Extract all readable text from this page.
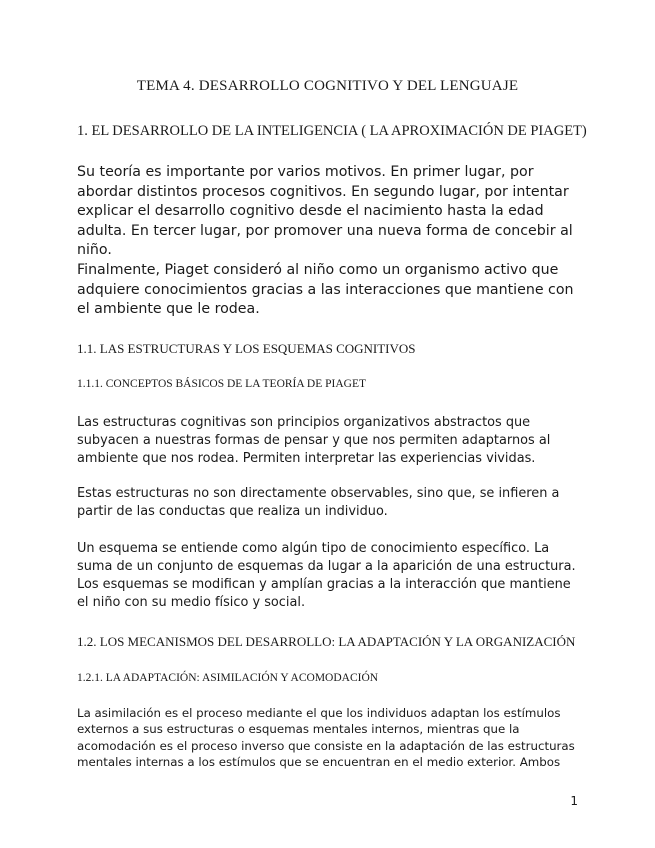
TEMA 4. DESARROLLO COGNITIVO Y DEL LENGUAJE
1. EL DESARROLLO DE LA INTELIGENCIA ( LA APROXIMACIÓN DE PIAGET)

Su teoría es importante por varios motivos. En primer lugar, por abordar distintos procesos cognitivos. En segundo lugar, por intentar explicar el desarrollo cognitivo desde el nacimiento hasta la edad adulta. En tercer lugar, por promover una nueva forma de concebir al niño.

Finalmente, Piaget consideró al niño como un organismo activo que adquiere conocimientos gracias a las interacciones que mantiene con el ambiente que le rodea.

1.1. LAS ESTRUCTURAS Y LOS ESQUEMAS COGNITIVOS
1.1.1. CONCEPTOS BÁSICOS DE LA TEORÍA DE PIAGET

Las estructuras cognitivas son principios organizativos abstractos que subyacen a nuestras formas de pensar y que nos permiten adaptarnos al ambiente que nos rodea. Permiten interpretar las experiencias vividas.

Estas estructuras no son directamente observables, sino que, se infieren a partir de las conductas que realiza un individuo.

Un esquema se entiende como algún tipo de conocimiento específico. La suma de un conjunto de esquemas da lugar a la aparición de una estructura. Los esquemas se modifican y amplían gracias a la interacción que mantiene el niño con su medio físico y social.

1.2. LOS MECANISMOS DEL DESARROLLO: LA ADAPTACIÓN Y LA ORGANIZACIÓN
1.2.1. LA ADAPTACIÓN: ASIMILACIÓN Y ACOMODACIÓN

La asimilación es el proceso mediante el que los individuos adaptan los estímulos externos a sus estructuras o esquemas mentales internos, mientras que la acomodación es el proceso inverso que consiste en la adaptación de las estructuras mentales internas a los estímulos que se encuentran en el medio exterior. Ambos

1
